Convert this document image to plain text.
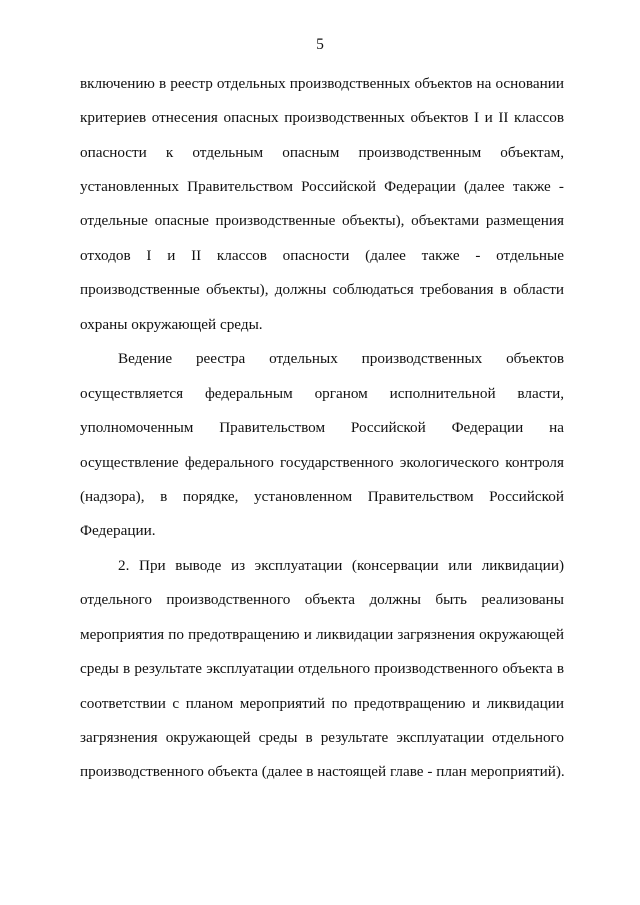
5
включению в реестр отдельных производственных объектов на основании
критериев отнесения опасных производственных объектов I и II классов
опасности к отдельным опасным производственным объектам,
установленных Правительством Российской Федерации (далее также -
отдельные опасные производственные объекты), объектами размещения
отходов I и II классов опасности (далее также - отдельные
производственные объекты), должны соблюдаться требования в области
охраны окружающей среды.
Ведение реестра отдельных производственных объектов
осуществляется федеральным органом исполнительной власти,
уполномоченным Правительством Российской Федерации на
осуществление федерального государственного экологического контроля
(надзора), в порядке, установленном Правительством Российской
Федерации.
2. При выводе из эксплуатации (консервации или ликвидации)
отдельного производственного объекта должны быть реализованы
мероприятия по предотвращению и ликвидации загрязнения окружающей
среды в результате эксплуатации отдельного производственного объекта в
соответствии с планом мероприятий по предотвращению и ликвидации
загрязнения окружающей среды в результате эксплуатации отдельного
производственного объекта (далее в настоящей главе - план мероприятий).
